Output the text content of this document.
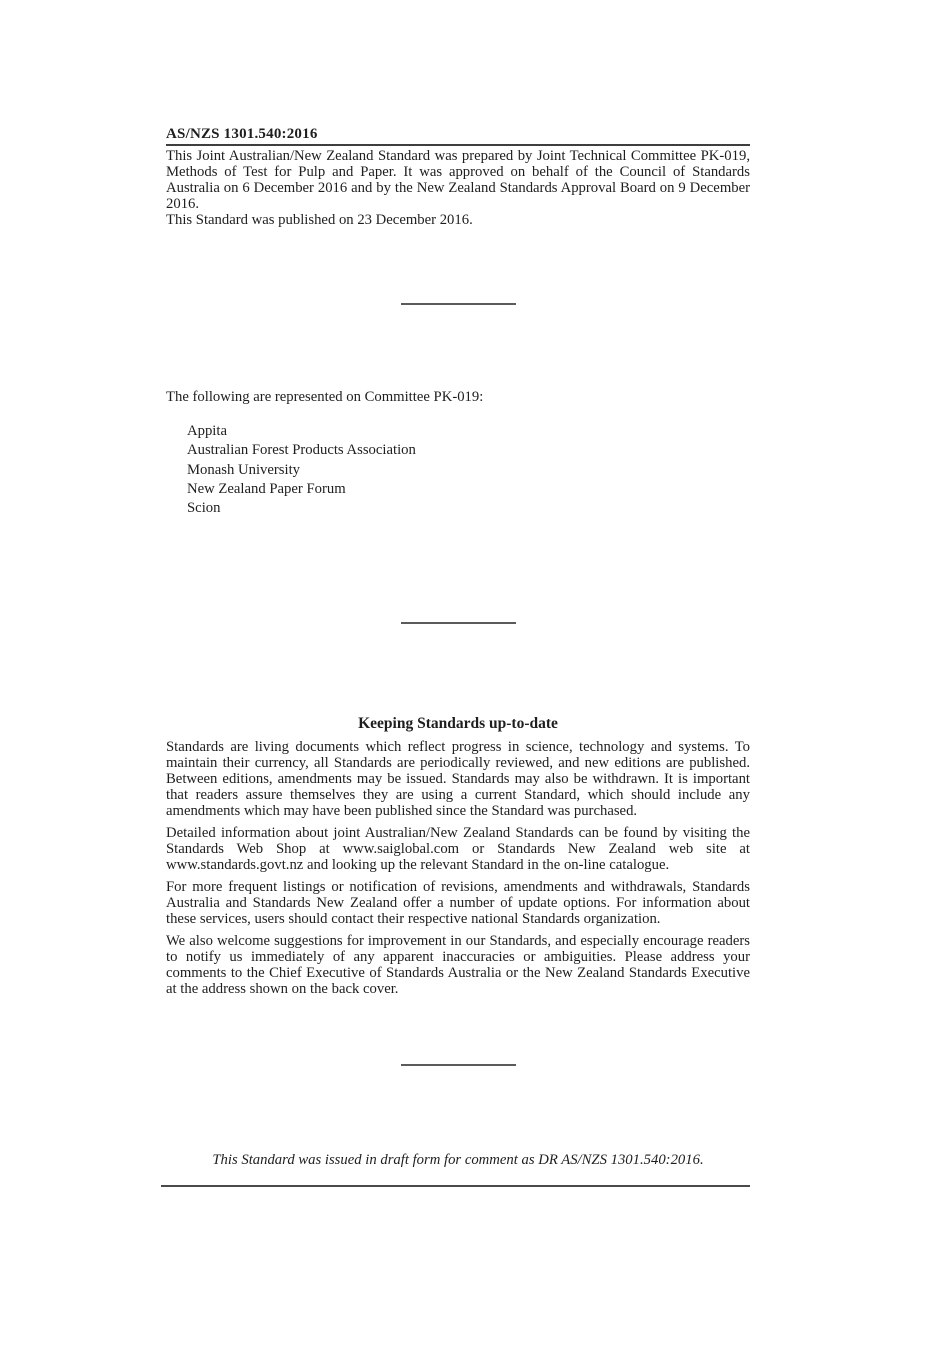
AS/NZS 1301.540:2016

This Joint Australian/New Zealand Standard was prepared by Joint Technical Committee PK-019, Methods of Test for Pulp and Paper. It was approved on behalf of the Council of Standards Australia on 6 December 2016 and by the New Zealand Standards Approval Board on 9 December 2016.

This Standard was published on 23 December 2016.

The following are represented on Committee PK-019:

Appita
Australian Forest Products Association
Monash University
New Zealand Paper Forum
Scion
Keeping Standards up-to-date

Standards are living documents which reflect progress in science, technology and systems. To maintain their currency, all Standards are periodically reviewed, and new editions are published. Between editions, amendments may be issued. Standards may also be withdrawn. It is important that readers assure themselves they are using a current Standard, which should include any amendments which may have been published since the Standard was purchased.

Detailed information about joint Australian/New Zealand Standards can be found by visiting the Standards Web Shop at www.saiglobal.com or Standards New Zealand web site at www.standards.govt.nz and looking up the relevant Standard in the on-line catalogue.

For more frequent listings or notification of revisions, amendments and withdrawals, Standards Australia and Standards New Zealand offer a number of update options. For information about these services, users should contact their respective national Standards organization.

We also welcome suggestions for improvement in our Standards, and especially encourage readers to notify us immediately of any apparent inaccuracies or ambiguities. Please address your comments to the Chief Executive of Standards Australia or the New Zealand Standards Executive at the address shown on the back cover.

This Standard was issued in draft form for comment as DR AS/NZS 1301.540:2016.
